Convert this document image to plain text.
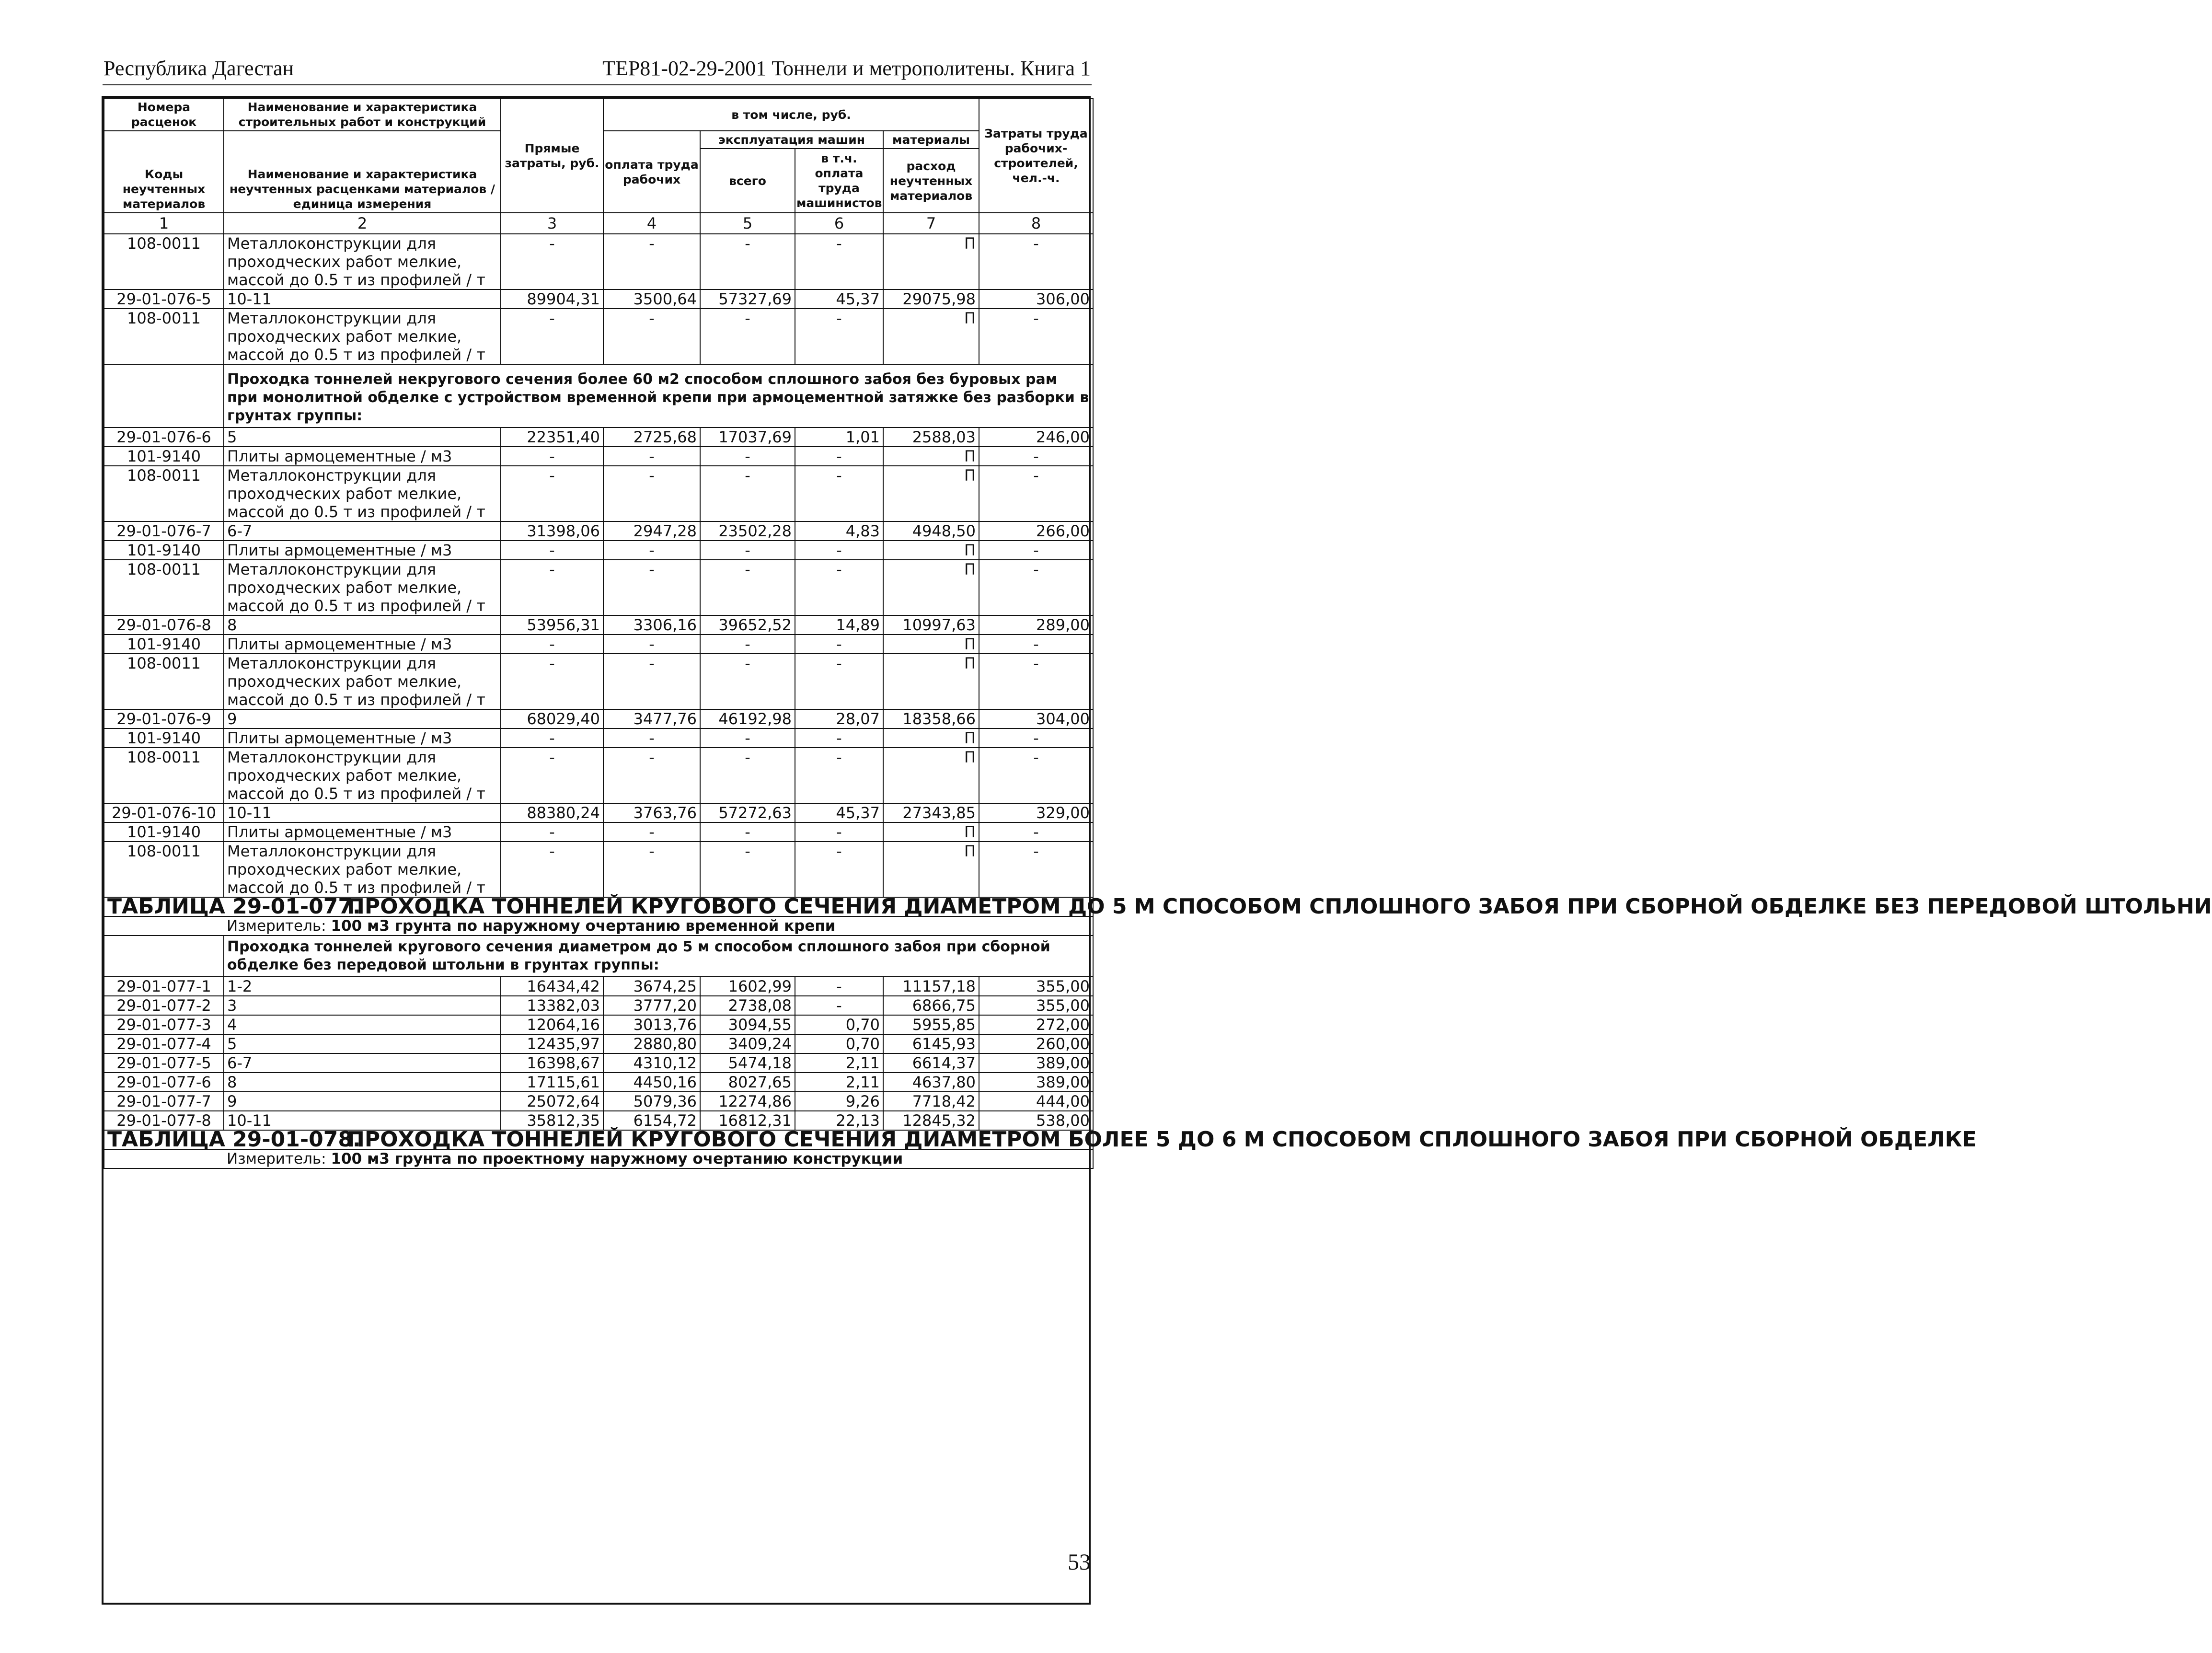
Республика Дагестан	ТЕР81-02-29-2001 Тоннели и метрополитены. Книга 1
Номера расценок	Наименование и характеристика строительных работ и конструкций	Прямые затраты, руб.	в том числе, руб.				Затраты труда рабочих-строителей, чел.-ч.
Коды неучтенных материалов	Наименование и характеристика неучтенных расценками материалов / единица измерения		оплата труда рабочих	эксплуатация машин		материалы	
				всего	в т.ч. оплата труда машинистов	расход неучтенных материалов	
1	2	3	4	5	6	7	8
108-0011	Металлоконструкции для проходческих работ мелкие, массой до 0.5 т из профилей / т	-	-	-	-	П	-
29-01-076-5	10-11	89904,31	3500,64	57327,69	45,37	29075,98	306,00
108-0011	Металлоконструкции для проходческих работ мелкие, массой до 0.5 т из профилей / т	-	-	-	-	П	-
	Проходка тоннелей некругового сечения более 60 м2 способом сплошного забоя без буровых рам при монолитной обделке с устройством временной крепи при армоцементной затяжке без разборки в грунтах группы:						
29-01-076-6	5	22351,40	2725,68	17037,69	1,01	2588,03	246,00
101-9140	Плиты армоцементные / м3	-	-	-	-	П	-
108-0011	Металлоконструкции для проходческих работ мелкие, массой до 0.5 т из профилей / т	-	-	-	-	П	-
29-01-076-7	6-7	31398,06	2947,28	23502,28	4,83	4948,50	266,00
101-9140	Плиты армоцементные / м3	-	-	-	-	П	-
108-0011	Металлоконструкции для проходческих работ мелкие, массой до 0.5 т из профилей / т	-	-	-	-	П	-
29-01-076-8	8	53956,31	3306,16	39652,52	14,89	10997,63	289,00
101-9140	Плиты армоцементные / м3	-	-	-	-	П	-
108-0011	Металлоконструкции для проходческих работ мелкие, массой до 0.5 т из профилей / т	-	-	-	-	П	-
29-01-076-9	9	68029,40	3477,76	46192,98	28,07	18358,66	304,00
101-9140	Плиты армоцементные / м3	-	-	-	-	П	-
108-0011	Металлоконструкции для проходческих работ мелкие, массой до 0.5 т из профилей / т	-	-	-	-	П	-
29-01-076-10	10-11	88380,24	3763,76	57272,63	45,37	27343,85	329,00
101-9140	Плиты армоцементные / м3	-	-	-	-	П	-
108-0011	Металлоконструкции для проходческих работ мелкие, массой до 0.5 т из профилей / т	-	-	-	-	П	-
ТАБЛИЦА 29-01-077.ПРОХОДКА ТОННЕЛЕЙ КРУГОВОГО СЕЧЕНИЯ ДИАМЕТРОМ ДО 5 М СПОСОБОМ СПЛОШНОГО ЗАБОЯ ПРИ СБОРНОЙ ОБДЕЛКЕ БЕЗ ПЕРЕДОВОЙ ШТОЛЬНИ							
	Измеритель: 100 м3 грунта по наружному очертанию временной крепи						
	Проходка тоннелей кругового сечения диаметром до 5 м способом сплошного забоя при сборной обделке без передовой штольни в грунтах группы:						
29-01-077-1	1-2	16434,42	3674,25	1602,99	-	11157,18	355,00
29-01-077-2	3	13382,03	3777,20	2738,08	-	6866,75	355,00
29-01-077-3	4	12064,16	3013,76	3094,55	0,70	5955,85	272,00
29-01-077-4	5	12435,97	2880,80	3409,24	0,70	6145,93	260,00
29-01-077-5	6-7	16398,67	4310,12	5474,18	2,11	6614,37	389,00
29-01-077-6	8	17115,61	4450,16	8027,65	2,11	4637,80	389,00
29-01-077-7	9	25072,64	5079,36	12274,86	9,26	7718,42	444,00
29-01-077-8	10-11	35812,35	6154,72	16812,31	22,13	12845,32	538,00
ТАБЛИЦА 29-01-078.ПРОХОДКА ТОННЕЛЕЙ КРУГОВОГО СЕЧЕНИЯ ДИАМЕТРОМ БОЛЕЕ 5 ДО 6 М СПОСОБОМ СПЛОШНОГО ЗАБОЯ ПРИ СБОРНОЙ ОБДЕЛКЕ							
	Измеритель: 100 м3 грунта по проектному наружному очертанию конструкции						
53
